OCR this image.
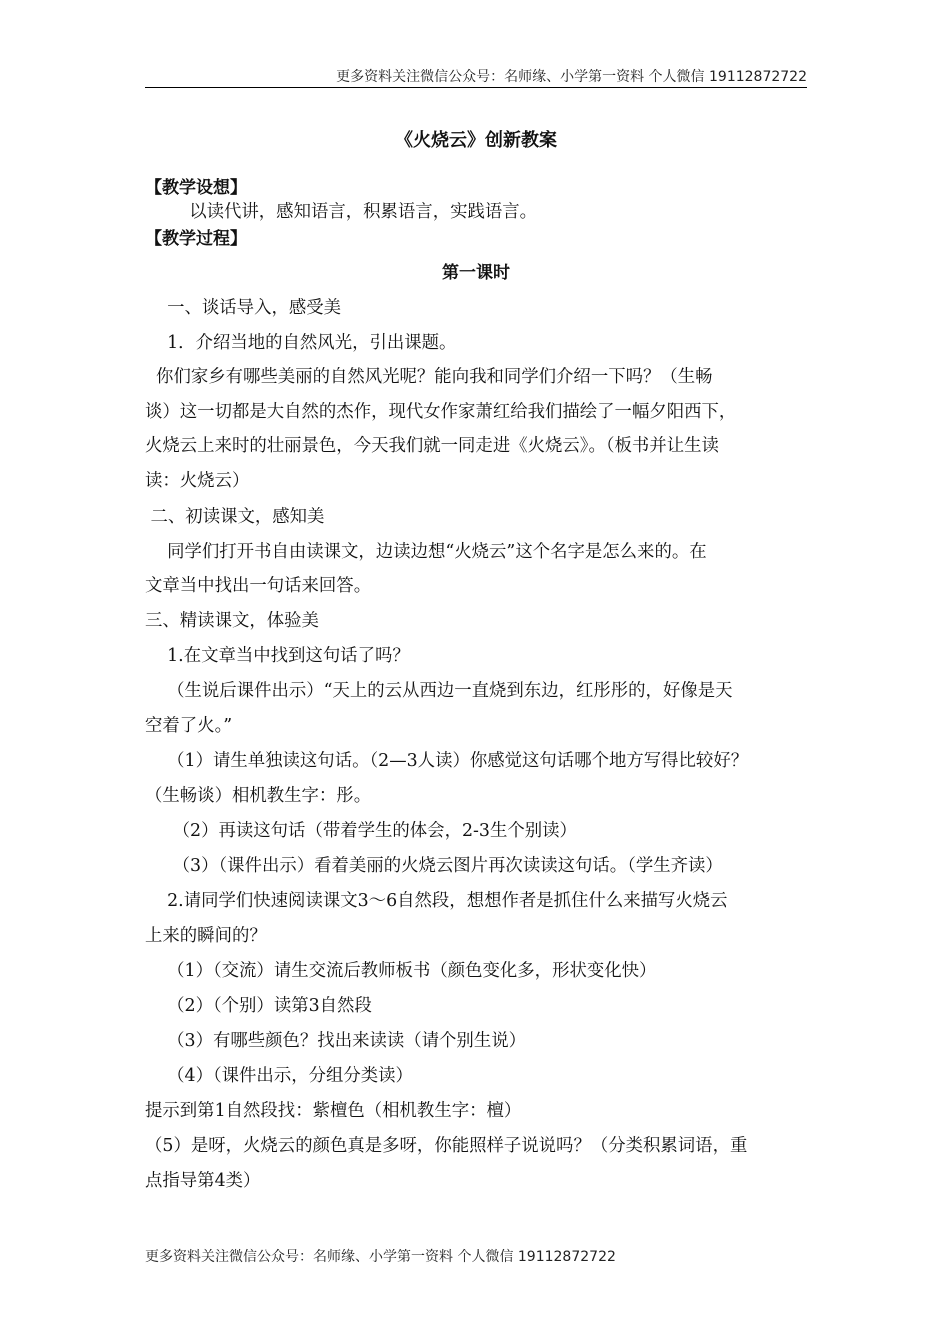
更多资料关注微信公众号：名师缘、小学第一资料 个人微信 19112872722
《火烧云》创新教案
【教学设想】
以读代讲，感知语言，积累语言，实践语言。
【教学过程】
第一课时
一、谈话导入，感受美
1．介绍当地的自然风光，引出课题。
你们家乡有哪些美丽的自然风光呢？能向我和同学们介绍一下吗？（生畅
谈）这一切都是大自然的杰作，现代女作家萧红给我们描绘了一幅夕阳西下，
火烧云上来时的壮丽景色，今天我们就一同走进《火烧云》。（板书并让生读
读：火烧云）
二、初读课文，感知美
同学们打开书自由读课文，边读边想“火烧云”这个名字是怎么来的。在
文章当中找出一句话来回答。
三、精读课文，体验美
1.在文章当中找到这句话了吗？
（生说后课件出示）“天上的云从西边一直烧到东边，红彤彤的，好像是天
空着了火。”
（1）请生单独读这句话。（2—3人读）你感觉这句话哪个地方写得比较好？
（生畅谈）相机教生字：彤。
（2）再读这句话（带着学生的体会，2-3生个别读）
（3）（课件出示）看着美丽的火烧云图片再次读读这句话。（学生齐读）
2.请同学们快速阅读课文3～6自然段，想想作者是抓住什么来描写火烧云
上来的瞬间的？
（1）（交流）请生交流后教师板书（颜色变化多，形状变化快）
（2）（个别）读第3自然段
（3）有哪些颜色？找出来读读（请个别生说）
（4）（课件出示，分组分类读）
提示到第1自然段找：紫檀色（相机教生字：檀）
（5）是呀，火烧云的颜色真是多呀，你能照样子说说吗？（分类积累词语，重
点指导第4类）
更多资料关注微信公众号：名师缘、小学第一资料 个人微信 19112872722
